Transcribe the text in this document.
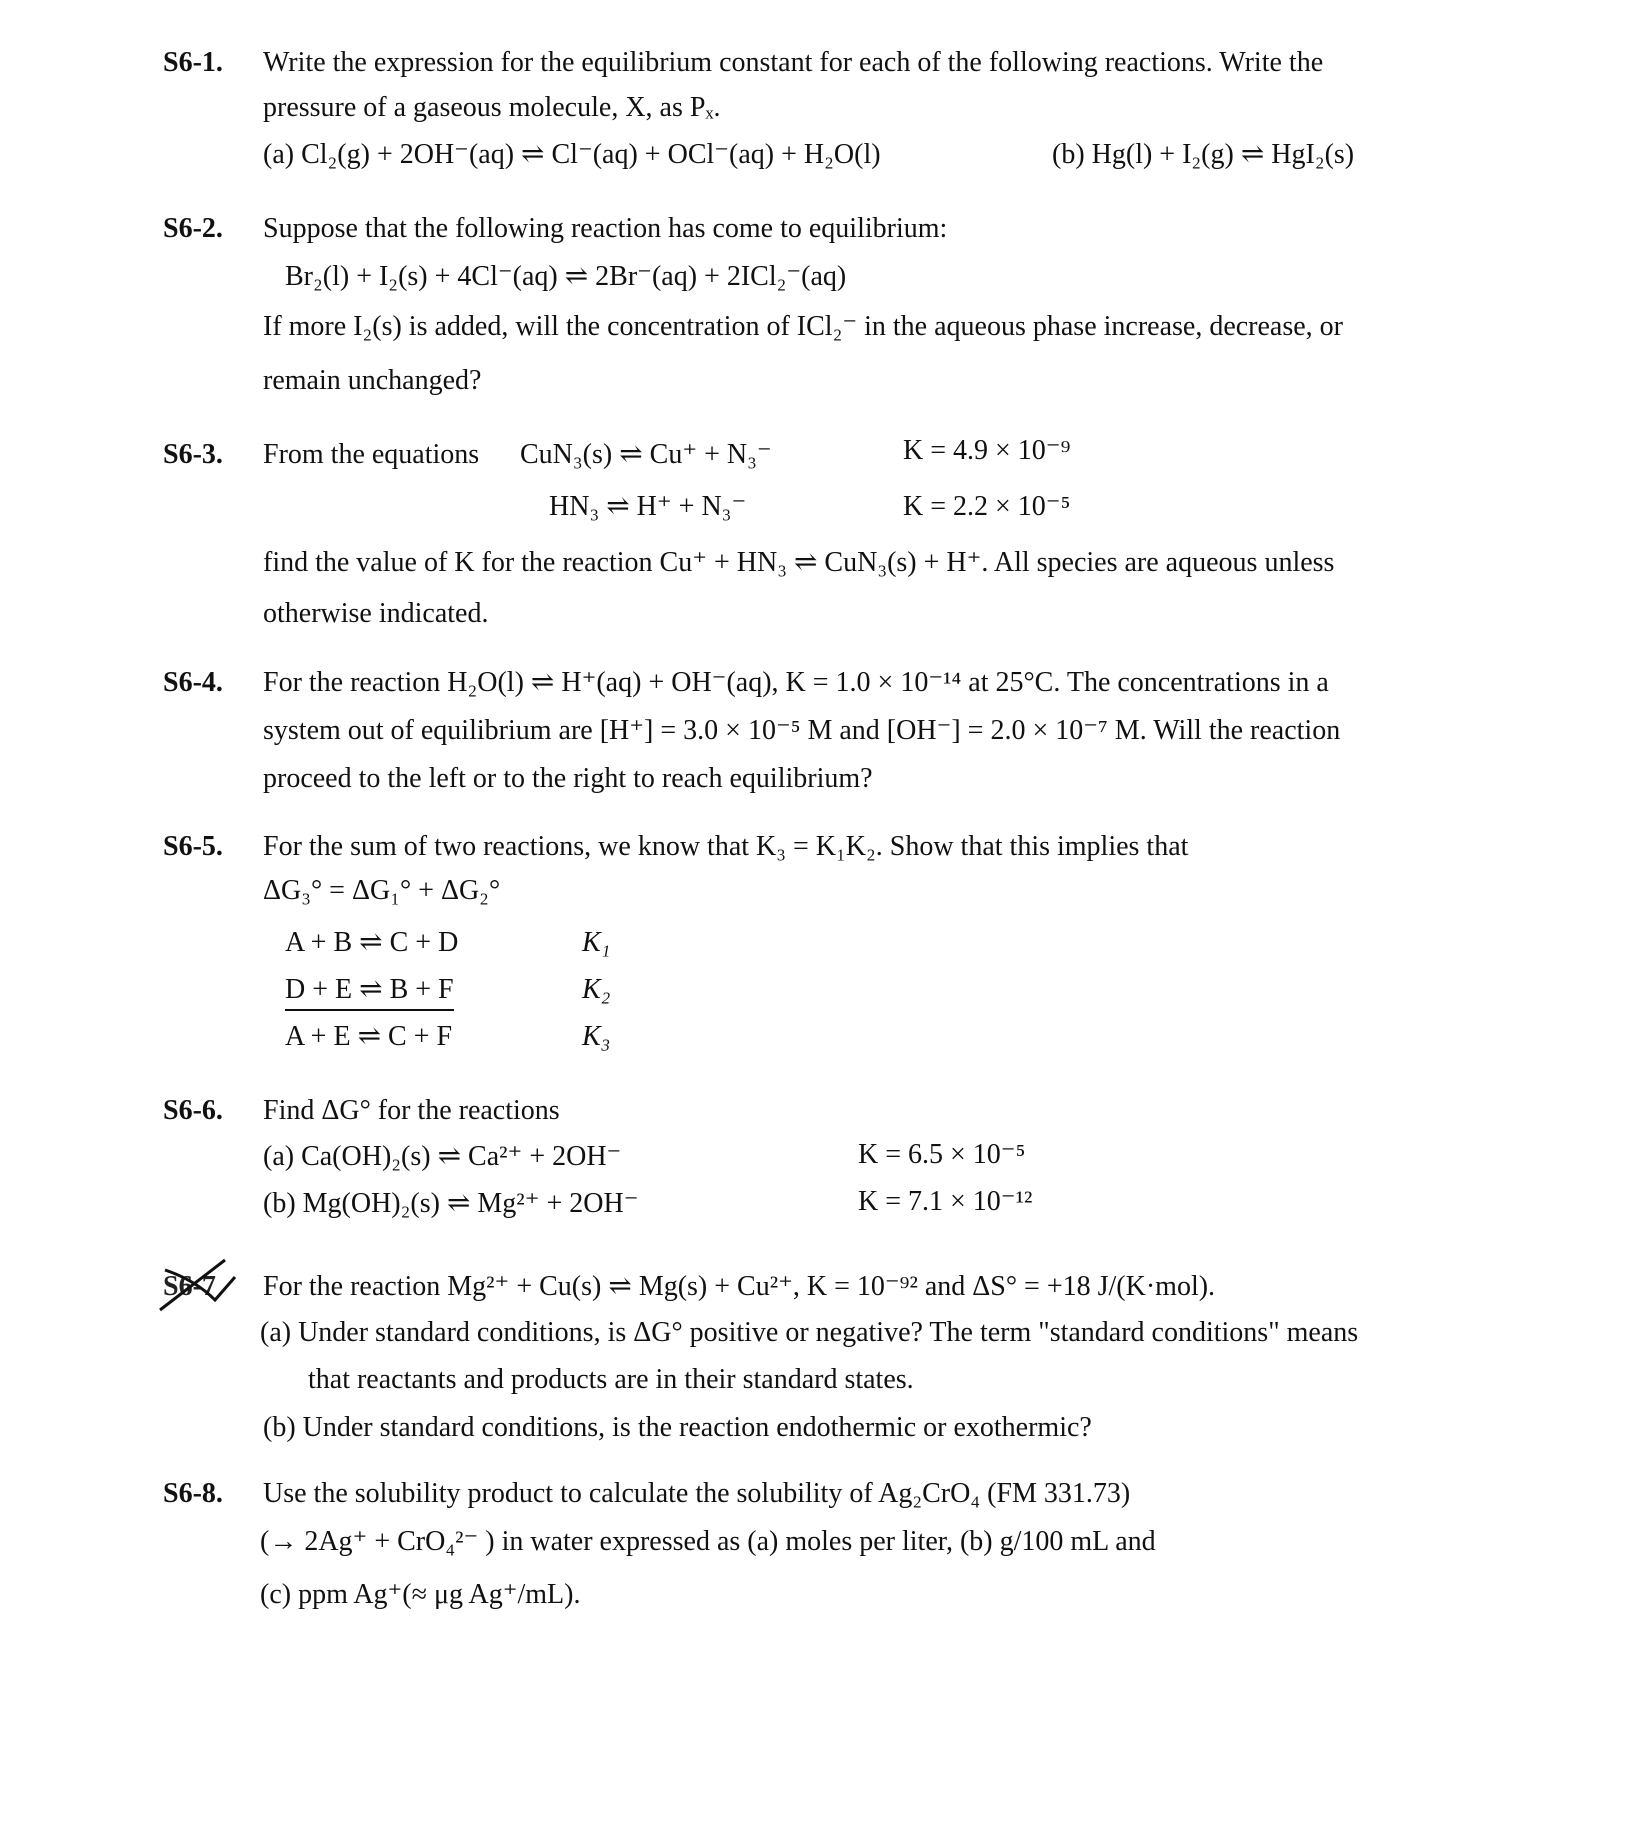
S6-1. Write the expression for the equilibrium constant for each of the following reactions. Write the
pressure of a gaseous molecule, X, as Pₓ.
(a) Cl₂(g) + 2OH⁻(aq) ⇌ Cl⁻(aq) + OCl⁻(aq) + H₂O(l)	(b) Hg(l) + I₂(g) ⇌ HgI₂(s)
S6-2. Suppose that the following reaction has come to equilibrium:
Br₂(l) + I₂(s) + 4Cl⁻(aq) ⇌ 2Br⁻(aq) + 2ICl₂⁻(aq)
If more I₂(s) is added, will the concentration of ICl₂⁻ in the aqueous phase increase, decrease, or
remain unchanged?
S6-3. From the equations CuN₃(s) ⇌ Cu⁺ + N₃⁻	K = 4.9 × 10⁻⁹
HN₃ ⇌ H⁺ + N₃⁻	K = 2.2 × 10⁻⁵
find the value of K for the reaction Cu⁺ + HN₃ ⇌ CuN₃(s) + H⁺. All species are aqueous unless
otherwise indicated.
S6-4. For the reaction H₂O(l) ⇌ H⁺(aq) + OH⁻(aq), K = 1.0 × 10⁻¹⁴ at 25°C. The concentrations in a
system out of equilibrium are [H⁺] = 3.0 × 10⁻⁵ M and [OH⁻] = 2.0 × 10⁻⁷ M. Will the reaction
proceed to the left or to the right to reach equilibrium?
S6-5. For the sum of two reactions, we know that K₃ = K₁K₂. Show that this implies that
ΔG₃° = ΔG₁° + ΔG₂°
A + B ⇌ C + D	K₁
D + E ⇌ B + F	K₂
A + E ⇌ C + F	K₃
S6-6. Find ΔG° for the reactions
(a) Ca(OH)₂(s) ⇌ Ca²⁺ + 2OH⁻	K = 6.5 × 10⁻⁵
(b) Mg(OH)₂(s) ⇌ Mg²⁺ + 2OH⁻	K = 7.1 × 10⁻¹²
S6-7 For the reaction Mg²⁺ + Cu(s) ⇌ Mg(s) + Cu²⁺, K = 10⁻⁹² and ΔS° = +18 J/(K·mol).
(a) Under standard conditions, is ΔG° positive or negative? The term "standard conditions" means
that reactants and products are in their standard states.
(b) Under standard conditions, is the reaction endothermic or exothermic?
S6-8. Use the solubility product to calculate the solubility of Ag₂CrO₄ (FM 331.73)
(→ 2Ag⁺ + CrO₄²⁻ ) in water expressed as (a) moles per liter, (b) g/100 mL and
(c) ppm Ag⁺(≈ μg Ag⁺/mL).
